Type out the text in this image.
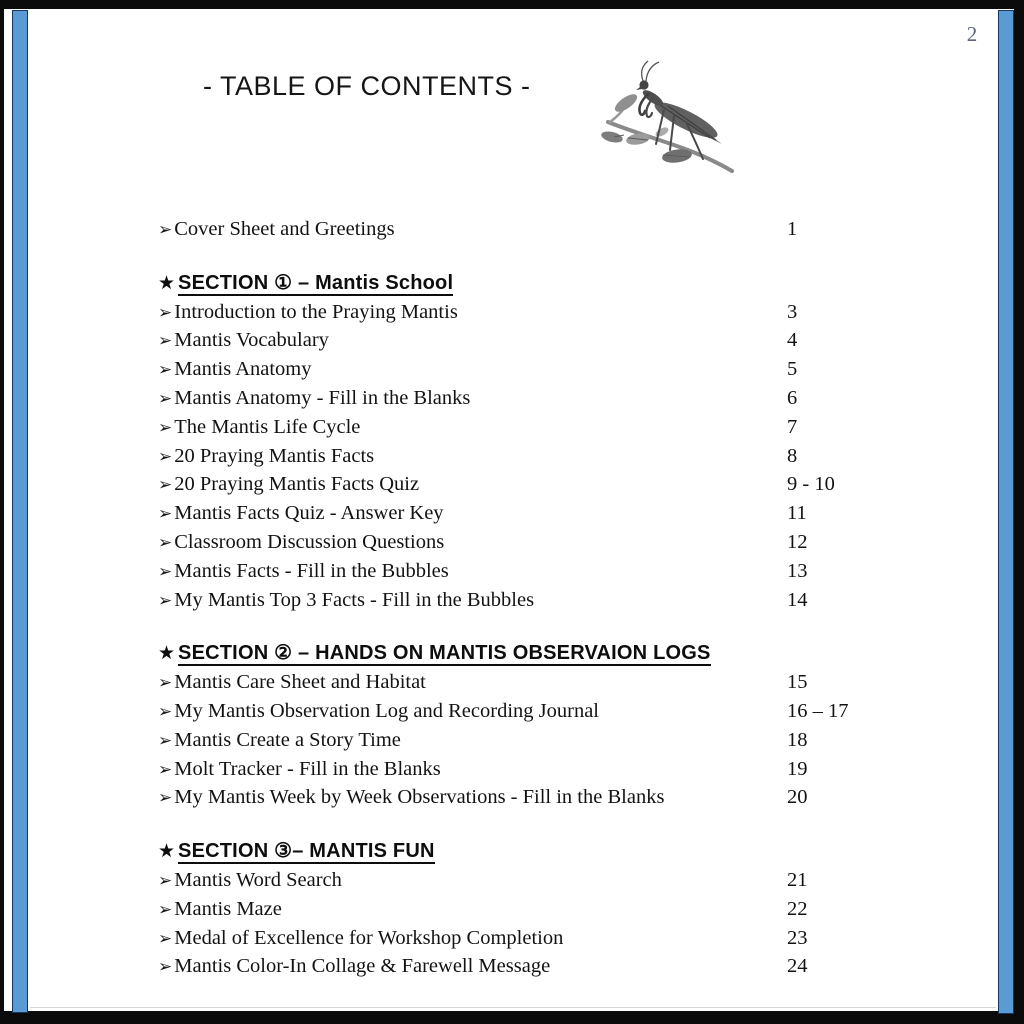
2
- TABLE OF CONTENTS -
➢Cover Sheet and Greetings	1
★ SECTION ① – Mantis School
➢Introduction to the Praying Mantis	3
➢Mantis Vocabulary	4
➢Mantis Anatomy	5
➢Mantis Anatomy - Fill in the Blanks	6
➢The Mantis Life Cycle	7
➢20 Praying Mantis Facts	8
➢20 Praying Mantis Facts Quiz	9 - 10
➢Mantis Facts Quiz - Answer Key	11
➢Classroom Discussion Questions	12
➢Mantis Facts - Fill in the Bubbles	13
➢My Mantis Top 3 Facts - Fill in the Bubbles	14
★ SECTION ② – HANDS ON MANTIS OBSERVAION LOGS
➢Mantis Care Sheet and Habitat	15
➢My Mantis Observation Log and Recording Journal	16 – 17
➢Mantis Create a Story Time	18
➢Molt Tracker - Fill in the Blanks	19
➢My Mantis Week by Week Observations - Fill in the Blanks	20
★ SECTION ③– MANTIS FUN
➢Mantis Word Search	21
➢Mantis Maze	22
➢Medal of Excellence for Workshop Completion	23
➢Mantis Color-In Collage & Farewell Message	24
